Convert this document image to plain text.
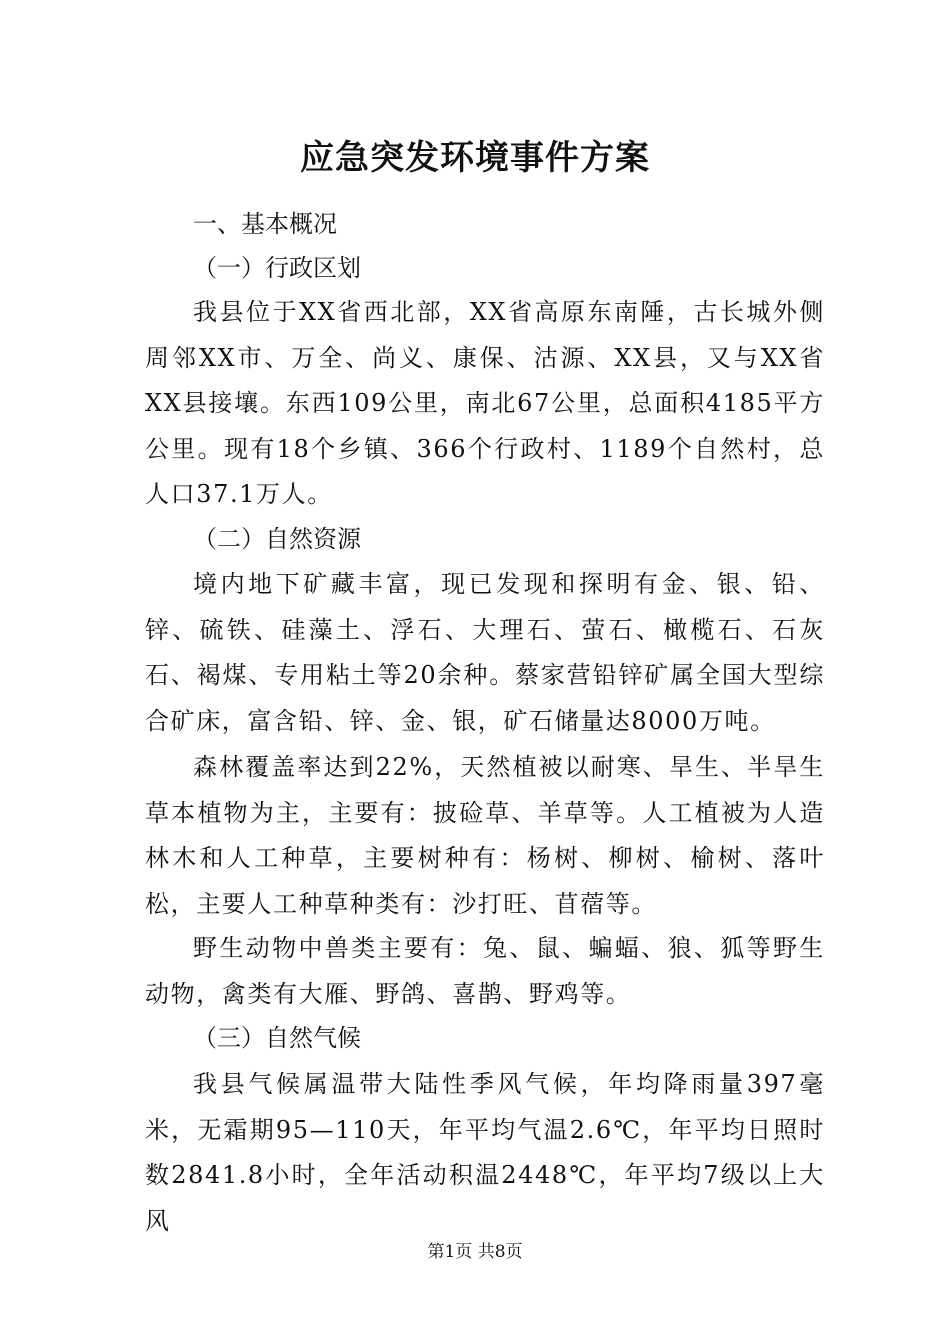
应急突发环境事件方案
一、基本概况
（一）行政区划

我县位于XX省西北部，XX省高原东南陲，古长城外侧周邻XX市、万全、尚义、康保、沽源、XX县，又与XX省XX县接壤。东西109公里，南北67公里，总面积4185平方公里。现有18个乡镇、366个行政村、1189个自然村，总人口37.1万人。

（二）自然资源

境内地下矿藏丰富，现已发现和探明有金、银、铅、锌、硫铁、硅藻土、浮石、大理石、萤石、橄榄石、石灰石、褐煤、专用粘土等20余种。蔡家营铅锌矿属全国大型综合矿床，富含铅、锌、金、银，矿石储量达8000万吨。

森林覆盖率达到22%，天然植被以耐寒、旱生、半旱生草本植物为主，主要有：披硷草、羊草等。人工植被为人造林木和人工种草，主要树种有：杨树、柳树、榆树、落叶松，主要人工种草种类有：沙打旺、苜蓿等。

野生动物中兽类主要有：兔、鼠、蝙蝠、狼、狐等野生动物，禽类有大雁、野鸽、喜鹊、野鸡等。

（三）自然气候

我县气候属温带大陆性季风气候，年均降雨量397毫米，无霜期95—110天，年平均气温2.6℃，年平均日照时数2841.8小时，全年活动积温2448℃，年平均7级以上大风

第1页 共8页
